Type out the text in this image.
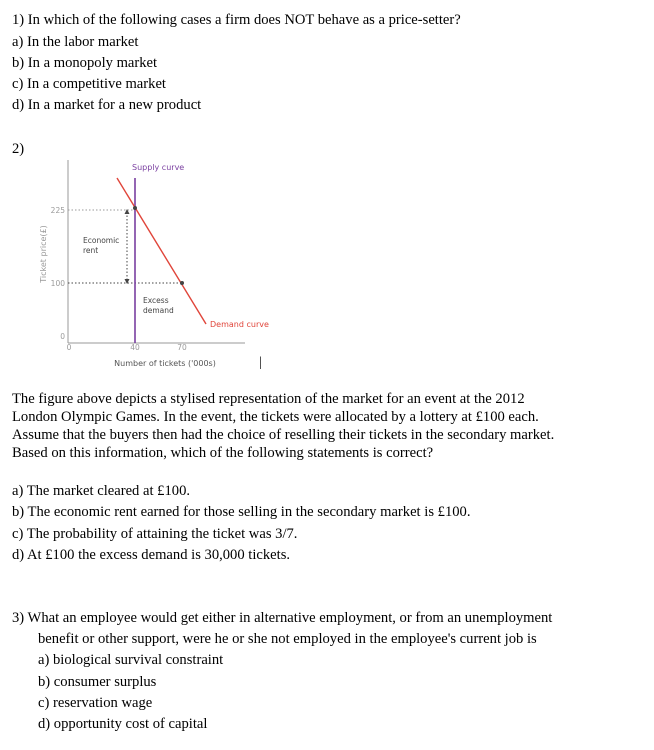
1) In which of the following cases a firm does NOT behave as a price-setter?
a) In the labor market
b) In a monopoly market
c) In a competitive market
d) In a market for a new product
2)
225
100
0
0	40	70
Ticket price(£)
Number of tickets ('000s)
Supply curve
Demand curve
Economic
rent
Excess
demand
|
The figure above depicts a stylised representation of the market for an event at the 2012
London Olympic Games. In the event, the tickets were allocated by a lottery at £100 each.
Assume that the buyers then had the choice of reselling their tickets in the secondary market.
Based on this information, which of the following statements is correct?
a) The market cleared at £100.
b) The economic rent earned for those selling in the secondary market is £100.
c) The probability of attaining the ticket was 3/7.
d) At £100 the excess demand is 30,000 tickets.
3) What an employee would get either in alternative employment, or from an unemployment
benefit or other support, were he or she not employed in the employee's current job is
a) biological survival constraint
b) consumer surplus
c) reservation wage
d) opportunity cost of capital
